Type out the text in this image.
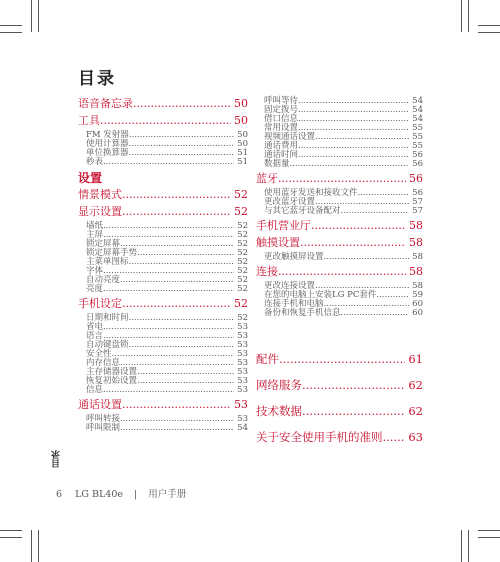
目录
语音备忘录 .....	50
工具 .....	50
FM 发射器 .....	50
使用计算器 .....	50
单位换算器 .....	51
秒表 .....	51
设置
情景模式 .....	52
显示设置 .....	52
墙纸 .....	52
主屏 .....	52
锁定屏幕 .....	52
锁定屏幕手势 .....	52
主菜单图标 .....	52
字体 .....	52
自动亮度 .....	52
亮度 .....	52
手机设定 .....	52
日期和时间 .....	52
省电 .....	53
语言 .....	53
自动键盘锁 .....	53
安全性 .....	53
内存信息 .....	53
主存储器设置 .....	53
恢复初始设置 .....	53
信息 .....	53
通话设置 .....	53
呼叫转接 .....	53
呼叫限制 .....	54
呼叫等待 .....	54
固定拨号 .....	54
借口信息 .....	54
常用设置 .....	55
视频通话设置 .....	55
通话费用 .....	55
通话时间 .....	56
数据量 .....	56
蓝牙 .....	56
使用蓝牙发送和接收文件 .....	56
更改蓝牙设置 .....	57
与其它蓝牙设备配对 .....	57
手机营业厅 .....	58
触摸设置 .....	58
更改触摸屏设置 .....	58
连接 .....	58
更改连接设置 .....	58
在您的电脑上安装LG PC套件 .....	59
连接手机和电脑 .....	60
备份和恢复手机信息 .....	60
配件 .....	61
网络服务 .....	62
技术数据 .....	62
关于安全使用手机的准则 ..... 63
目录
6 LG BL40e | 用户手册
